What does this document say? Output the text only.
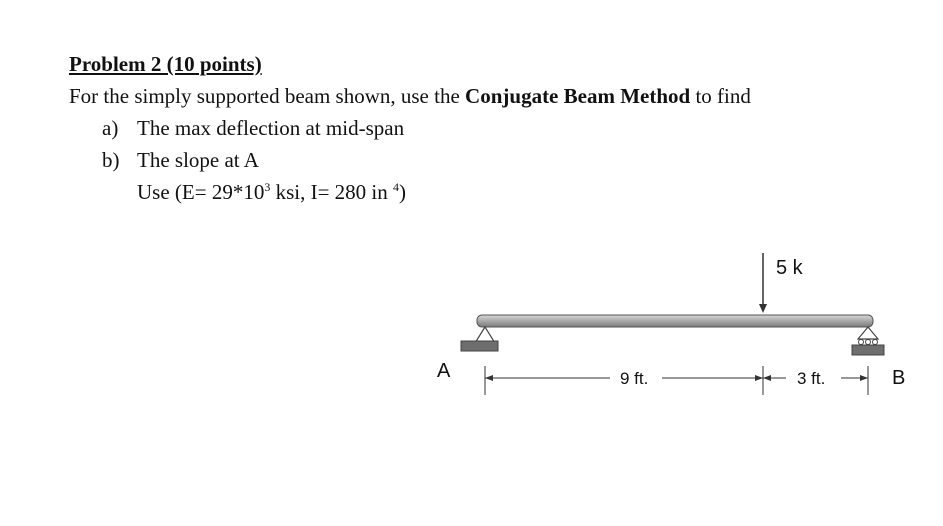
Problem 2 (10 points)
For the simply supported beam shown, use the Conjugate Beam Method to find
a) The max deflection at mid-span
b) The slope at A
Use ($E= 29*10^3$ ksi, I= 280 in $^4$)
5 k
9 ft.	3 ft.
A	B
